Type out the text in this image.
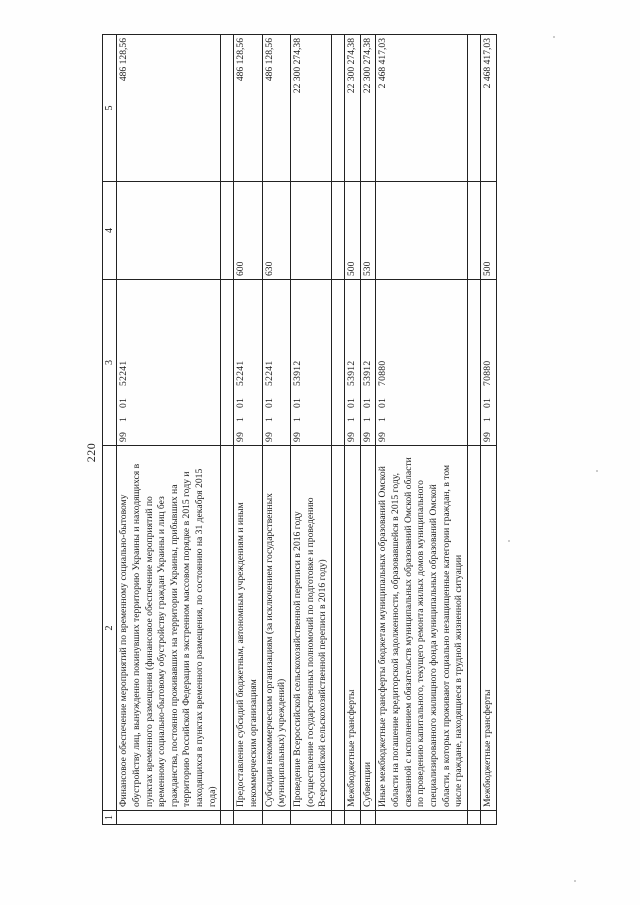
220
1	2	3	4	5
	Финансовое обеспечение мероприятий по временному социально-бытовому обустройству лиц, вынужденно покинувших территорию Украины и находящихся в пунктах временного размещения (финансовое обеспечение мероприятий по временному социально-бытовому обустройству граждан Украины и лиц без гражданства, постоянно проживавших на территории Украины, прибывших на территорию Российской Федерации в экстренном массовом порядке в 2015 году и находящихся в пунктах временного размещения, по состоянию на 31 декабря 2015 года)	9910152241		486 128,56

	Предоставление субсидий бюджетным, автономным учреждениям и иным некоммерческим организациям	9910152241	600	486 128,56
	Субсидии некоммерческим организациям (за исключением государственных (муниципальных) учреждений)	9910152241	630	486 128,56
	Проведение Всероссийской сельскохозяйственной переписи в 2016 году (осуществление государственных полномочий по подготовке и проведению Всероссийской сельскохозяйственной переписи в 2016 году)	9910153912		22 300 274,38

	Межбюджетные трансферты	9910153912	500	22 300 274,38
	Субвенции	9910153912	530	22 300 274,38
	Иные межбюджетные трансферты бюджетам муниципальных образований Омской области на погашение кредиторской задолженности, образовавшейся в 2015 году, связанной с исполнением обязательств муниципальных образований Омской области по проведению капитального, текущего ремонта жилых домов муниципального специализированного жилищного фонда муниципальных образований Омской области, в которых проживают социально незащищенные категории граждан, в том числе граждане, находящиеся в трудной жизненной ситуации	9910170880		2 468 417,03

	Межбюджетные трансферты	9910170880	500	2 468 417,03
